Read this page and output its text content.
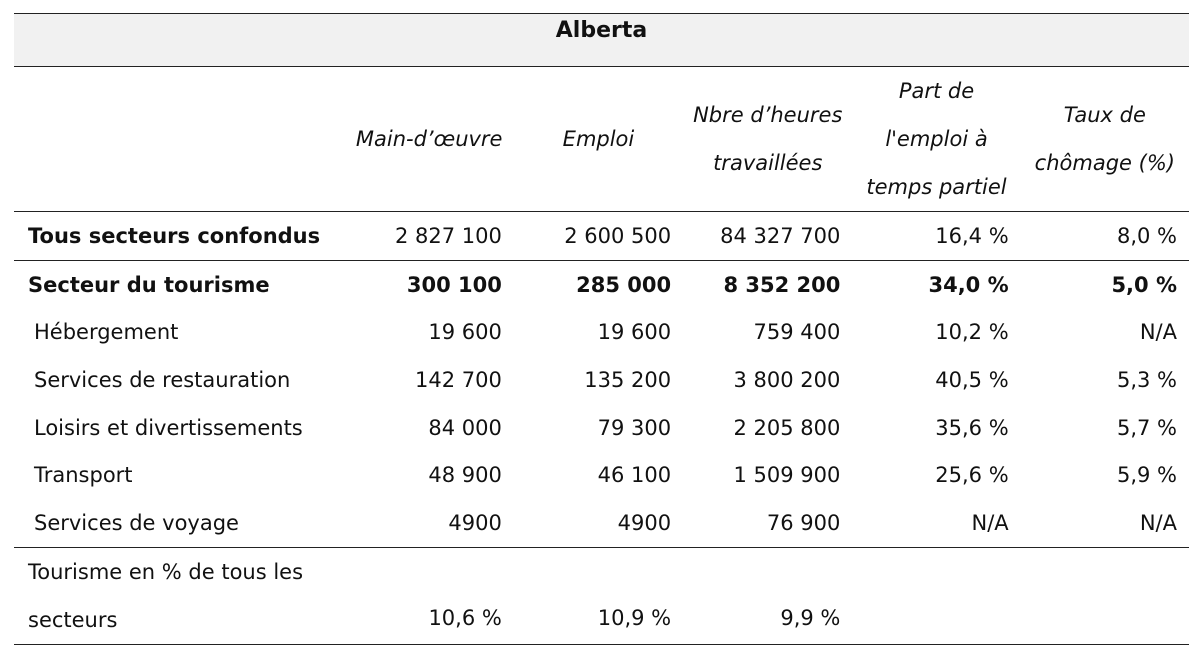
Alberta					
	Main-d’œuvre	Emploi	Nbre d’heures travaillées	Part de l'emploi à temps partiel	Taux de chômage (%)
Tous secteurs confondus	2 827 100	2 600 500	84 327 700	16,4 %	8,0 %
Secteur du tourisme	300 100	285 000	8 352 200	34,0 %	5,0 %
Hébergement	19 600	19 600	759 400	10,2 %	N/A
Services de restauration	142 700	135 200	3 800 200	40,5 %	5,3 %
Loisirs et divertissements	84 000	79 300	2 205 800	35,6 %	5,7 %
Transport	48 900	46 100	1 509 900	25,6 %	5,9 %
Services de voyage	4900	4900	76 900	N/A	N/A
Tourisme en % de tous les secteurs	10,6 %	10,9 %	9,9 %		
